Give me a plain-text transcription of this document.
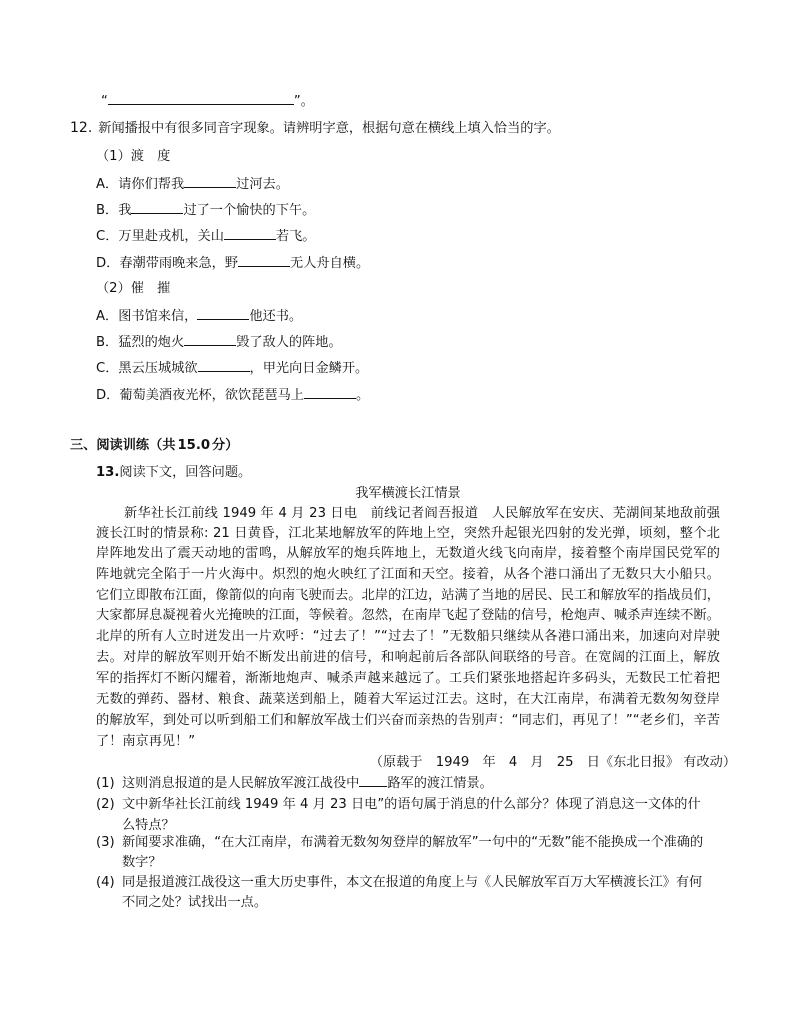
“	”。
12. 新闻播报中有很多同音字现象。请辨明字意，根据句意在横线上填入恰当的字。
（1）渡　度
A．请你们帮我	过河去。
B．我	过了一个愉快的下午。
C．万里赴戎机，关山	若飞。
D．春潮带雨晚来急，野	无人舟自横。
（2）催　摧
A．图书馆来信，	他还书。
B．猛烈的炮火	毁了敌人的阵地。
C．黑云压城城欲	，甲光向日金鳞开。
D．葡萄美酒夜光杯，欲饮琵琶马上	。
三、阅读训练（共 15.0 分）
13.阅读下文，回答问题。
我军横渡长江情景
新华社长江前线 1949 年 4 月 23 日电　前线记者阎吾报道　人民解放军在安庆、芜湖间某地敌前强
渡长江时的情景称: 21 日黄昏，江北某地解放军的阵地上空，突然升起银光四射的发光弹，顷刻，整个北
岸阵地发出了震天动地的雷鸣，从解放军的炮兵阵地上，无数道火线飞向南岸，接着整个南岸国民党军的
阵地就完全陷于一片火海中。炽烈的炮火映红了江面和天空。接着，从各个港口涌出了无数只大小船只。
它们立即散布江面，像箭似的向南飞驶而去。北岸的江边，站满了当地的居民、民工和解放军的指战员们，
大家都屏息凝视着火光掩映的江面，等候着。忽然，在南岸飞起了登陆的信号，枪炮声、喊杀声连续不断。
北岸的所有人立时迸发出一片欢呼：“过去了！”“过去了！”无数船只继续从各港口涌出来，加速向对岸驶
去。对岸的解放军则开始不断发出前进的信号，和响起前后各部队间联络的号音。在宽阔的江面上，解放
军的指挥灯不断闪耀着，渐渐地炮声、喊杀声越来越远了。工兵们紧张地搭起许多码头，无数民工忙着把
无数的弹药、器材、粮食、蔬菜送到船上，随着大军运过江去。这时，在大江南岸，布满着无数匆匆登岸
的解放军，到处可以听到船工们和解放军战士们兴奋而亲热的告别声：“同志们，再见了！”“老乡们，辛苦
了！南京再见！”
（原载于　1949　年　4　月　25　日《东北日报》 有改动）
(1) 这则消息报道的是人民解放军渡江战役中 路军的渡江情景。
(2) 文中新华社长江前线 1949 年 4 月 23 日电”的语句属于消息的什么部分？体现了消息这一文体的什
么特点？
(3) 新闻要求准确，“在大江南岸，布满着无数匆匆登岸的解放军”一句中的“无数”能不能换成一个准确的
数字？
(4) 同是报道渡江战役这一重大历史事件，本文在报道的角度上与《人民解放军百万大军横渡长江》有何
不同之处？试找出一点。
